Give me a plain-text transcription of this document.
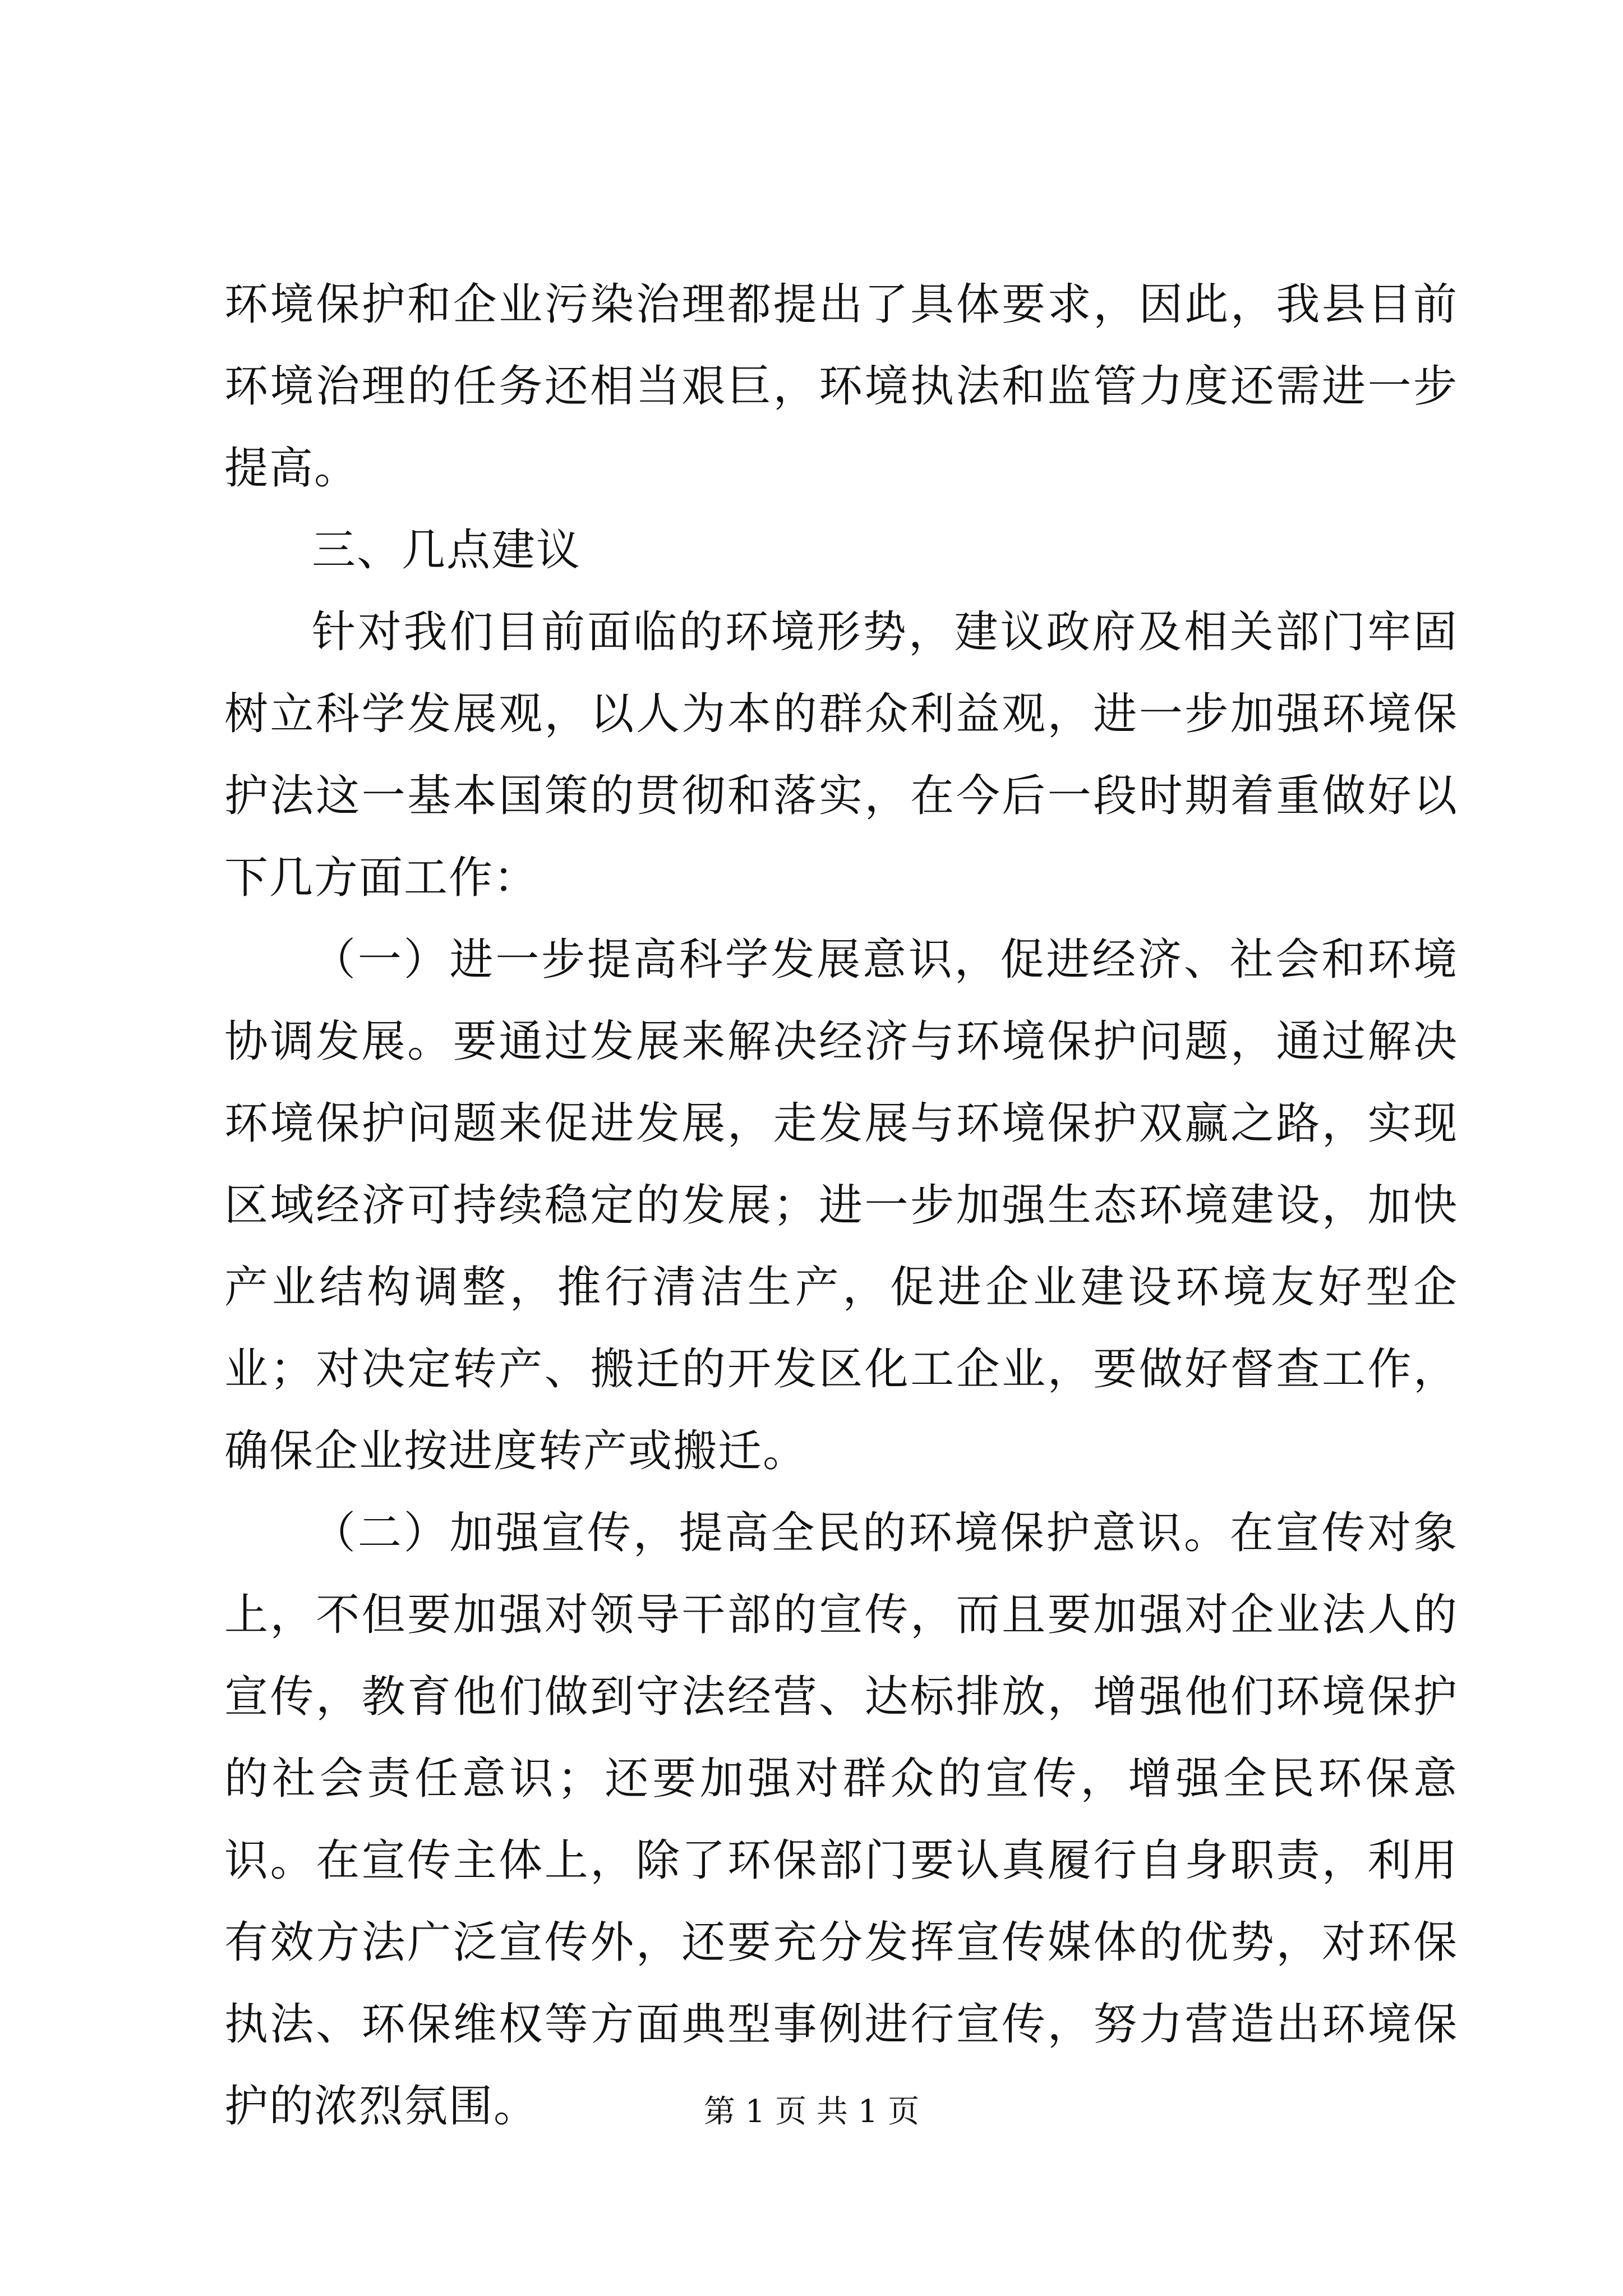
环境保护和企业污染治理都提出了具体要求，因此，我县目前环境治理的任务还相当艰巨，环境执法和监管力度还需进一步提高。

三、几点建议

针对我们目前面临的环境形势，建议政府及相关部门牢固树立科学发展观，以人为本的群众利益观，进一步加强环境保护法这一基本国策的贯彻和落实，在今后一段时期着重做好以下几方面工作：

（一）进一步提高科学发展意识，促进经济、社会和环境协调发展。要通过发展来解决经济与环境保护问题，通过解决环境保护问题来促进发展，走发展与环境保护双赢之路，实现区域经济可持续稳定的发展；进一步加强生态环境建设，加快产业结构调整，推行清洁生产，促进企业建设环境友好型企业；对决定转产、搬迁的开发区化工企业，要做好督查工作，确保企业按进度转产或搬迁。

（二）加强宣传，提高全民的环境保护意识。在宣传对象上，不但要加强对领导干部的宣传，而且要加强对企业法人的宣传，教育他们做到守法经营、达标排放，增强他们环境保护的社会责任意识；还要加强对群众的宣传，增强全民环保意识。在宣传主体上，除了环保部门要认真履行自身职责，利用有效方法广泛宣传外，还要充分发挥宣传媒体的优势，对环保执法、环保维权等方面典型事例进行宣传，努力营造出环境保护的浓烈氛围。	第 1 页 共 1 页
